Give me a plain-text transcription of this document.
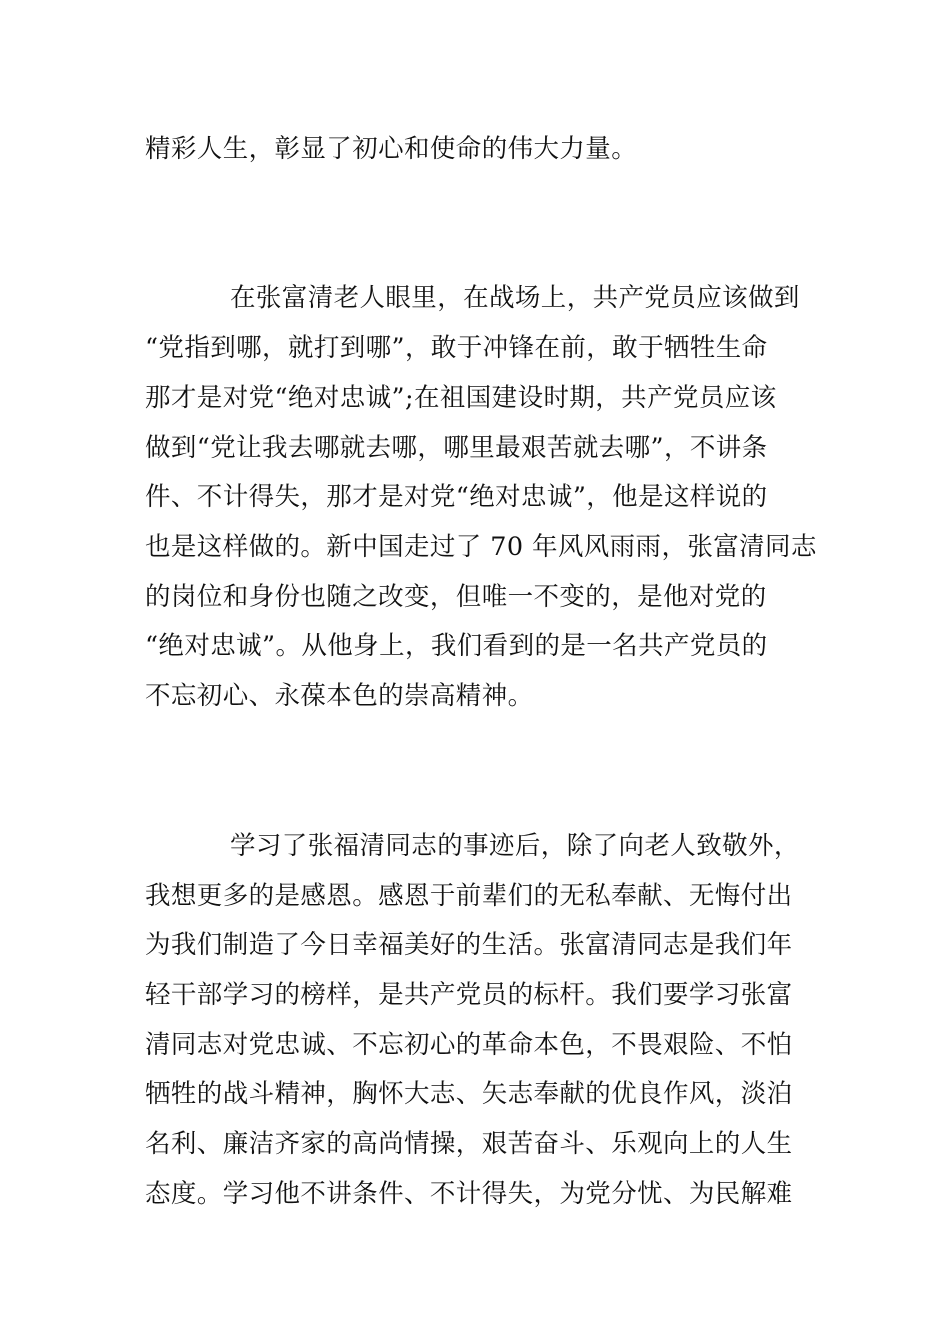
精彩人生，彰显了初心和使命的伟大力量。
在张富清老人眼里，在战场上，共产党员应该做到
“党指到哪，就打到哪”，敢于冲锋在前，敢于牺牲生命
那才是对党“绝对忠诚”;在祖国建设时期，共产党员应该
做到“党让我去哪就去哪，哪里最艰苦就去哪”，不讲条
件、不计得失，那才是对党“绝对忠诚”，他是这样说的
也是这样做的。新中国走过了 70 年风风雨雨，张富清同志
的岗位和身份也随之改变，但唯一不变的，是他对党的
“绝对忠诚”。从他身上，我们看到的是一名共产党员的
不忘初心、永葆本色的崇高精神。
学习了张福清同志的事迹后，除了向老人致敬外，
我想更多的是感恩。感恩于前辈们的无私奉献、无悔付出
为我们制造了今日幸福美好的生活。张富清同志是我们年
轻干部学习的榜样，是共产党员的标杆。我们要学习张富
清同志对党忠诚、不忘初心的革命本色，不畏艰险、不怕
牺牲的战斗精神，胸怀大志、矢志奉献的优良作风，淡泊
名利、廉洁齐家的高尚情操，艰苦奋斗、乐观向上的人生
态度。学习他不讲条件、不计得失，为党分忧、为民解难
